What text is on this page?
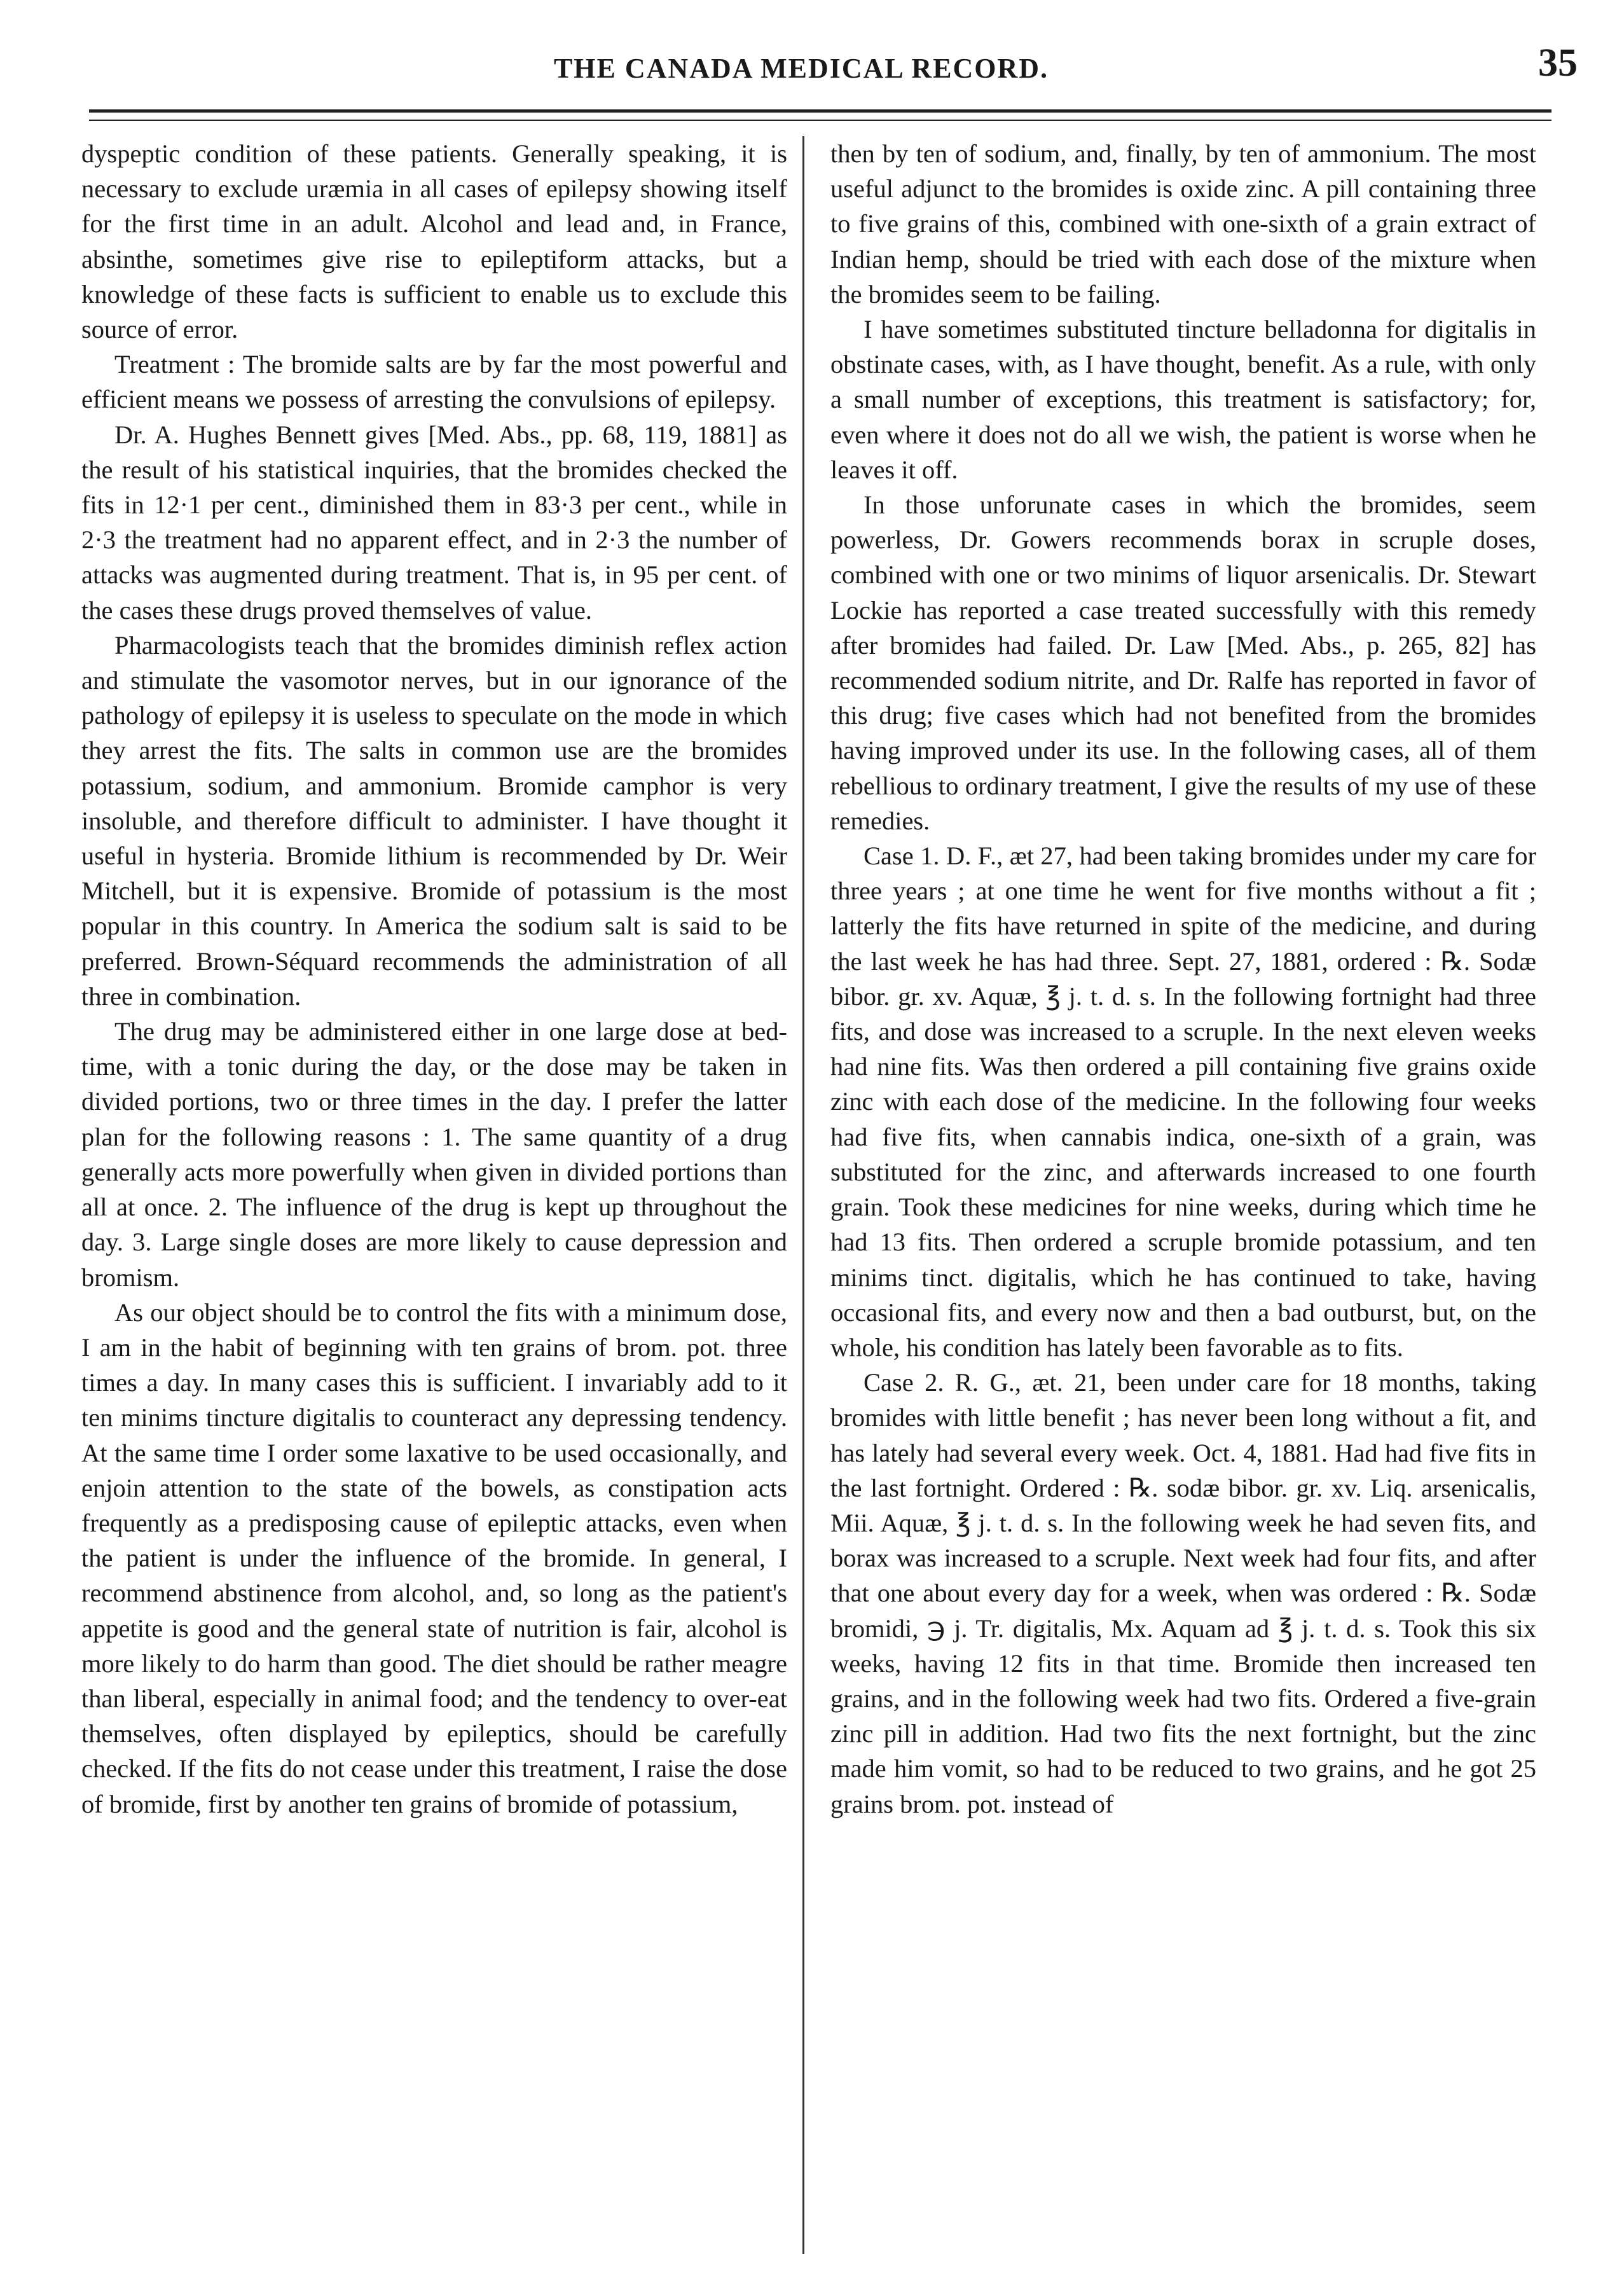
THE CANADA MEDICAL RECORD.	35

dyspeptic condition of these patients. Generally speaking, it is necessary to exclude uræmia in all cases of epilepsy showing itself for the first time in an adult. Alcohol and lead and, in France, absinthe, sometimes give rise to epileptiform attacks, but a knowledge of these facts is sufficient to enable us to exclude this source of error.

Treatment : The bromide salts are by far the most powerful and efficient means we possess of arresting the convulsions of epilepsy.

Dr. A. Hughes Bennett gives [Med. Abs., pp. 68, 119, 1881] as the result of his statistical inquiries, that the bromides checked the fits in 12·1 per cent., diminished them in 83·3 per cent., while in 2·3 the treatment had no apparent effect, and in 2·3 the number of attacks was augmented during treatment. That is, in 95 per cent. of the cases these drugs proved themselves of value.

Pharmacologists teach that the bromides diminish reflex action and stimulate the vasomotor nerves, but in our ignorance of the pathology of epilepsy it is useless to speculate on the mode in which they arrest the fits. The salts in common use are the bromides potassium, sodium, and ammonium. Bromide camphor is very insoluble, and therefore difficult to administer. I have thought it useful in hysteria. Bromide lithium is recommended by Dr. Weir Mitchell, but it is expensive. Bromide of potassium is the most popular in this country. In America the sodium salt is said to be preferred. Brown-Séquard recommends the administration of all three in combination.

The drug may be administered either in one large dose at bed-time, with a tonic during the day, or the dose may be taken in divided portions, two or three times in the day. I prefer the latter plan for the following reasons : 1. The same quantity of a drug generally acts more powerfully when given in divided portions than all at once. 2. The influence of the drug is kept up throughout the day. 3. Large single doses are more likely to cause depression and bromism.

As our object should be to control the fits with a minimum dose, I am in the habit of beginning with ten grains of brom. pot. three times a day. In many cases this is sufficient. I invariably add to it ten minims tincture digitalis to counteract any depressing tendency. At the same time I order some laxative to be used occasionally, and enjoin attention to the state of the bowels, as constipation acts frequently as a predisposing cause of epileptic attacks, even when the patient is under the influence of the bromide. In general, I recommend abstinence from alcohol, and, so long as the patient's appetite is good and the general state of nutrition is fair, alcohol is more likely to do harm than good. The diet should be rather meagre than liberal, especially in animal food; and the tendency to over-eat themselves, often displayed by epileptics, should be carefully checked. If the fits do not cease under this treatment, I raise the dose of bromide, first by another ten grains of bromide of potassium,

then by ten of sodium, and, finally, by ten of ammonium. The most useful adjunct to the bromides is oxide zinc. A pill containing three to five grains of this, combined with one-sixth of a grain extract of Indian hemp, should be tried with each dose of the mixture when the bromides seem to be failing.

I have sometimes substituted tincture belladonna for digitalis in obstinate cases, with, as I have thought, benefit. As a rule, with only a small number of exceptions, this treatment is satisfactory; for, even where it does not do all we wish, the patient is worse when he leaves it off.

In those unforunate cases in which the bromides, seem powerless, Dr. Gowers recommends borax in scruple doses, combined with one or two minims of liquor arsenicalis. Dr. Stewart Lockie has reported a case treated successfully with this remedy after bromides had failed. Dr. Law [Med. Abs., p. 265, 82] has recommended sodium nitrite, and Dr. Ralfe has reported in favor of this drug; five cases which had not benefited from the bromides having improved under its use. In the following cases, all of them rebellious to ordinary treatment, I give the results of my use of these remedies.

Case 1. D. F., æt 27, had been taking bromides under my care for three years ; at one time he went for five months without a fit ; latterly the fits have returned in spite of the medicine, and during the last week he has had three. Sept. 27, 1881, ordered : ℞. Sodæ bibor. gr. xv. Aquæ, ℥ j. t. d. s. In the following fortnight had three fits, and dose was increased to a scruple. In the next eleven weeks had nine fits. Was then ordered a pill containing five grains oxide zinc with each dose of the medicine. In the following four weeks had five fits, when cannabis indica, one-sixth of a grain, was substituted for the zinc, and afterwards increased to one fourth grain. Took these medicines for nine weeks, during which time he had 13 fits. Then ordered a scruple bromide potassium, and ten minims tinct. digitalis, which he has continued to take, having occasional fits, and every now and then a bad outburst, but, on the whole, his condition has lately been favorable as to fits.

Case 2. R. G., æt. 21, been under care for 18 months, taking bromides with little benefit ; has never been long without a fit, and has lately had several every week. Oct. 4, 1881. Had had five fits in the last fortnight. Ordered : ℞. sodæ bibor. gr. xv. Liq. arsenicalis, Mii. Aquæ, ℥ j. t. d. s. In the following week he had seven fits, and borax was increased to a scruple. Next week had four fits, and after that one about every day for a week, when was ordered : ℞. Sodæ bromidi, ℈ j. Tr. digitalis, Mx. Aquam ad ℥ j. t. d. s. Took this six weeks, having 12 fits in that time. Bromide then increased ten grains, and in the following week had two fits. Ordered a five-grain zinc pill in addition. Had two fits the next fortnight, but the zinc made him vomit, so had to be reduced to two grains, and he got 25 grains brom. pot. instead of
